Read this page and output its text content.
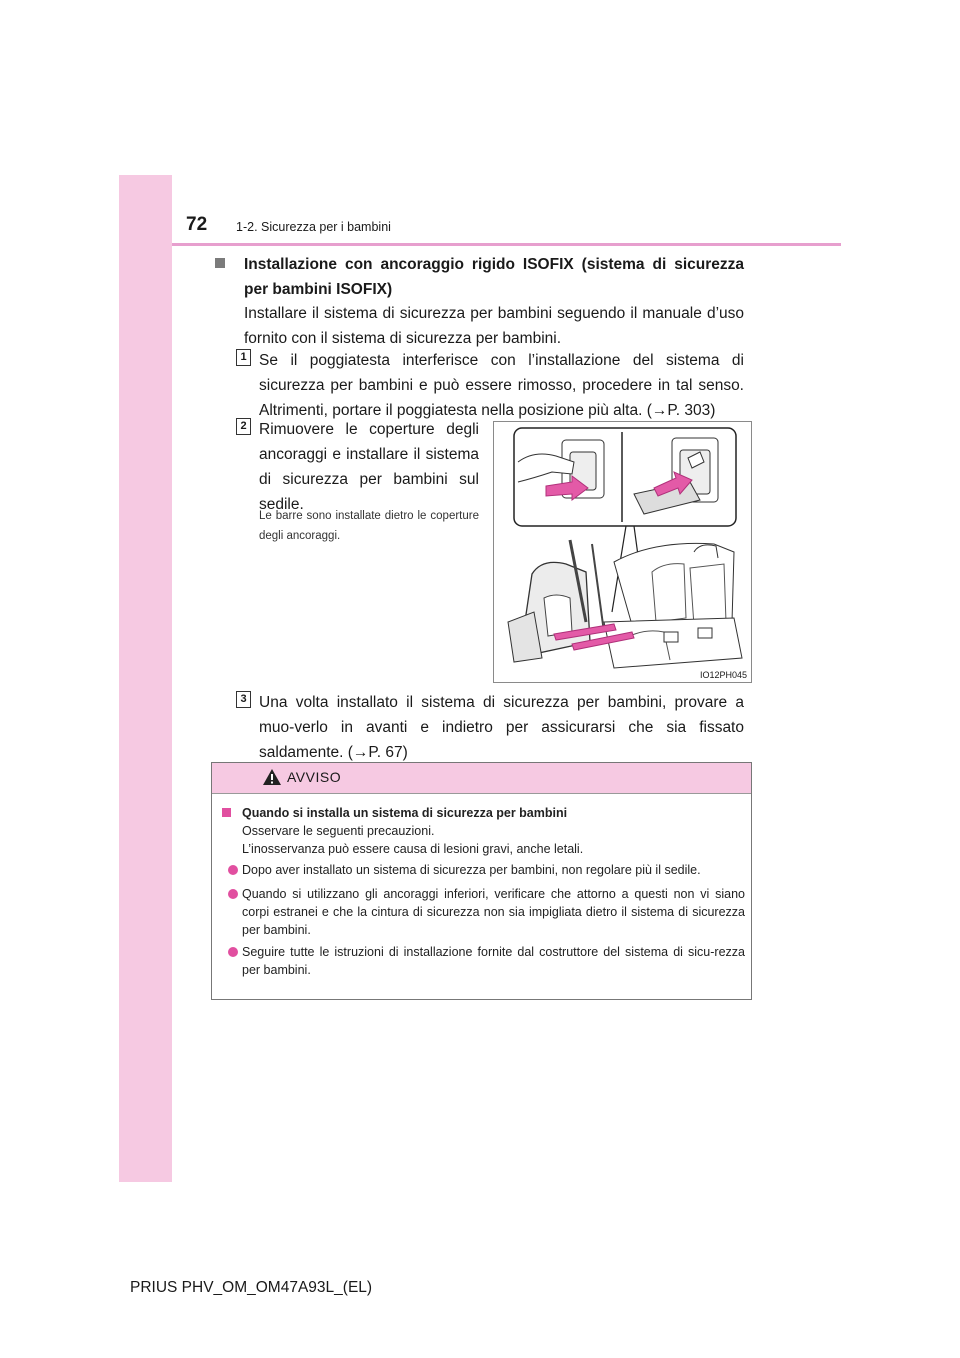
72 1-2. Sicurezza per i bambini
Installazione con ancoraggio rigido ISOFIX (sistema di sicurezza per bambini ISOFIX)
Installare il sistema di sicurezza per bambini seguendo il manuale d’uso fornito con il sistema di sicurezza per bambini.
1 Se il poggiatesta interferisce con l’installazione del sistema di sicurezza per bambini e può essere rimosso, procedere in tal senso. Altrimenti, portare il poggiatesta nella posizione più alta. (→P. 303)
2 Rimuovere le coperture degli ancoraggi e installare il sistema di sicurezza per bambini sul sedile.
Le barre sono installate dietro le coperture degli ancoraggi.
IO12PH045
3 Una volta installato il sistema di sicurezza per bambini, provare a muo-verlo in avanti e indietro per assicurarsi che sia fissato saldamente. (→P. 67)
AVVISO
Quando si installa un sistema di sicurezza per bambini
Osservare le seguenti precauzioni.
L’inosservanza può essere causa di lesioni gravi, anche letali.
Dopo aver installato un sistema di sicurezza per bambini, non regolare più il sedile.
Quando si utilizzano gli ancoraggi inferiori, verificare che attorno a questi non vi siano corpi estranei e che la cintura di sicurezza non sia impigliata dietro il sistema di sicurezza per bambini.
Seguire tutte le istruzioni di installazione fornite dal costruttore del sistema di sicu-rezza per bambini.
PRIUS PHV_OM_OM47A93L_(EL)
